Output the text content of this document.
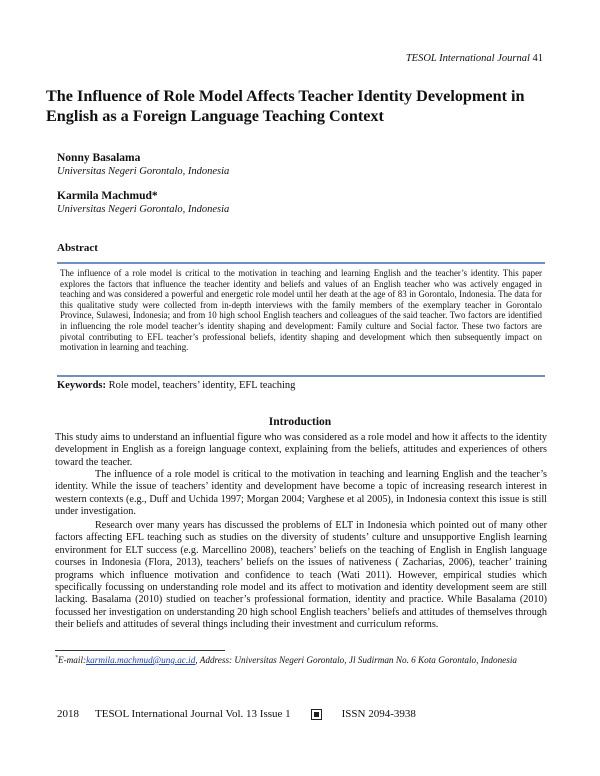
TESOL International Journal 41
The Influence of Role Model Affects Teacher Identity Development in English as a Foreign Language Teaching Context
Nonny Basalama
Universitas Negeri Gorontalo, Indonesia
Karmila Machmud*
Universitas Negeri Gorontalo, Indonesia
Abstract
The influence of a role model is critical to the motivation in teaching and learning English and the teacher’s identity. This paper explores the factors that influence the teacher identity and beliefs and values of an English teacher who was actively engaged in teaching and was considered a powerful and energetic role model until her death at the age of 83 in Gorontalo, Indonesia. The data for this qualitative study were collected from in-depth interviews with the family members of the exemplary teacher in Gorontalo Province, Sulawesi, Indonesia; and from 10 high school English teachers and colleagues of the said teacher. Two factors are identified in influencing the role model teacher’s identity shaping and development: Family culture and Social factor. These two factors are pivotal contributing to EFL teacher’s professional beliefs, identity shaping and development which then subsequently impact on motivation in learning and teaching.
Keywords: Role model, teachers’ identity, EFL teaching
Introduction
This study aims to understand an influential figure who was considered as a role model and how it affects to the identity development in English as a foreign language context, explaining from the beliefs, attitudes and experiences of others toward the teacher.
The influence of a role model is critical to the motivation in teaching and learning English and the teacher’s identity. While the issue of teachers’ identity and development have become a topic of increasing research interest in western contexts (e.g., Duff and Uchida 1997; Morgan 2004; Varghese et al 2005), in Indonesia context this issue is still under investigation.
Research over many years has discussed the problems of ELT in Indonesia which pointed out of many other factors affecting EFL teaching such as studies on the diversity of students’ culture and unsupportive English learning environment for ELT success (e.g. Marcellino 2008), teachers’ beliefs on the teaching of English in English language courses in Indonesia (Flora, 2013), teachers’ beliefs on the issues of nativeness ( Zacharias, 2006), teacher’ training programs which influence motivation and confidence to teach (Wati 2011). However, empirical studies which specifically focussing on understanding role model and its affect to motivation and identity development seem are still lacking. Basalama (2010) studied on teacher’s professional formation, identity and practice. While Basalama (2010) focussed her investigation on understanding 20 high school English teachers’ beliefs and attitudes of themselves through their beliefs and attitudes of several things including their investment and curriculum reforms.
*E-mail:karmila.machmud@ung.ac.id, Address: Universitas Negeri Gorontalo, Jl Sudirman No. 6 Kota Gorontalo, Indonesia
2018 TESOL International Journal Vol. 13 Issue 1	ISSN 2094-3938
